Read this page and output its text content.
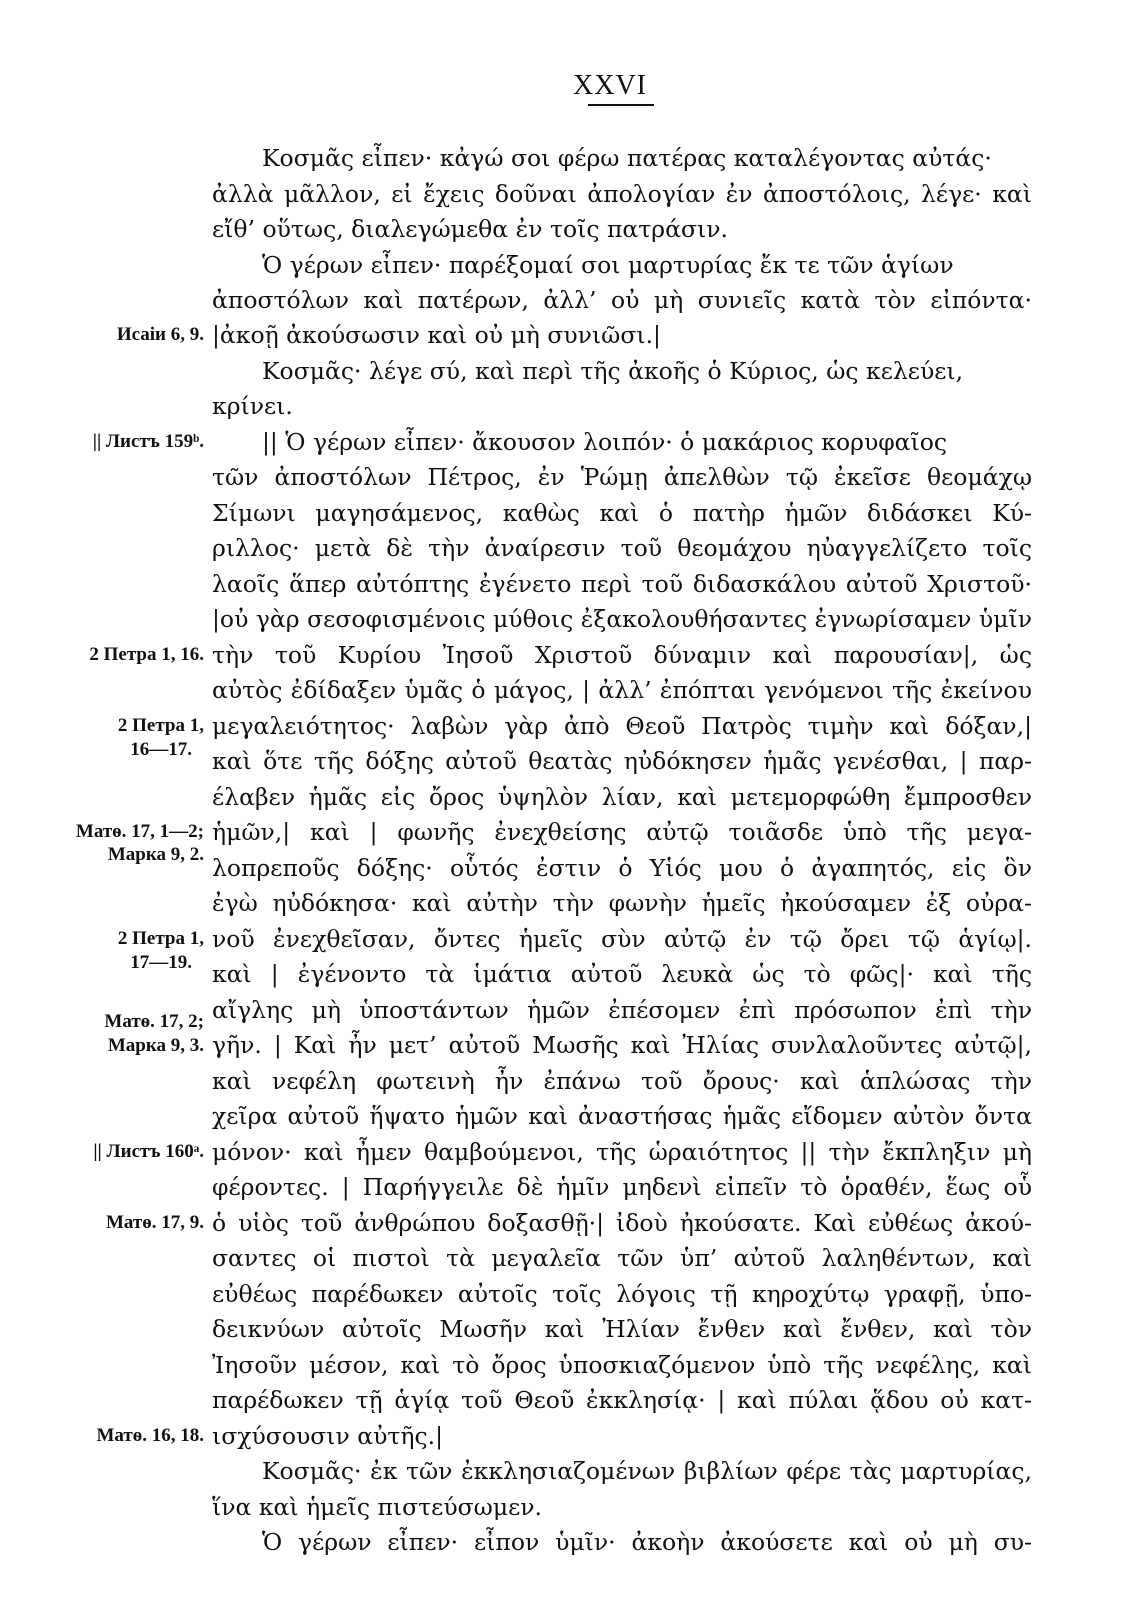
XXVI
Κοσμᾶς εἶπεν· κἀγώ σοι φέρω πατέρας καταλέγοντας αὐτάς·
ἀλλὰ μᾶλλον, εἰ ἔχεις δοῦναι ἀπολογίαν ἐν ἀποστόλοις, λέγε· καὶ
εἴθ’ οὕτως, διαλεγώμεθα ἐν τοῖς πατράσιν.
Ὁ γέρων εἶπεν· παρέξομαί σοι μαρτυρίας ἔκ τε τῶν ἁγίων
ἀποστόλων καὶ πατέρων, ἀλλ’ οὐ μὴ συνιεῖς κατὰ τὸν εἰπόντα·
|ἀκοῇ ἀκούσωσιν καὶ οὐ μὴ συνιῶσι.|
Κοσμᾶς· λέγε σύ, καὶ περὶ τῆς ἀκοῆς ὁ Κύριος, ὡς κελεύει,
κρίνει.
|| Ὁ γέρων εἶπεν· ἄκουσον λοιπόν· ὁ μακάριος κορυφαῖος
τῶν ἀποστόλων Πέτρος, ἐν Ῥώμῃ ἀπελθὼν τῷ ἐκεῖσε θεομάχῳ
Σίμωνι μαγησάμενος, καθὼς καὶ ὁ πατὴρ ἡμῶν διδάσκει Κύ-
ριλλος· μετὰ δὲ τὴν ἀναίρεσιν τοῦ θεομάχου ηὐαγγελίζετο τοῖς
λαοῖς ἅπερ αὐτόπτης ἐγένετο περὶ τοῦ διδασκάλου αὐτοῦ Χριστοῦ·
|οὐ γὰρ σεσοφισμένοις μύθοις ἐξακολουθήσαντες ἐγνωρίσαμεν ὑμῖν
τὴν τοῦ Κυρίου Ἰησοῦ Χριστοῦ δύναμιν καὶ παρουσίαν|, ὡς
αὐτὸς ἐδίδαξεν ὑμᾶς ὁ μάγος, | ἀλλ’ ἐπόπται γενόμενοι τῆς ἐκείνου
μεγαλειότητος· λαβὼν γὰρ ἀπὸ Θεοῦ Πατρὸς τιμὴν καὶ δόξαν,|
καὶ ὅτε τῆς δόξης αὐτοῦ θεατὰς ηὐδόκησεν ἡμᾶς γενέσθαι, | παρ-
έλαβεν ἡμᾶς εἰς ὄρος ὑψηλὸν λίαν, καὶ μετεμορφώθη ἔμπροσθεν
ἡμῶν,| καὶ | φωνῆς ἐνεχθείσης αὐτῷ τοιᾶσδε ὑπὸ τῆς μεγα-
λοπρεποῦς δόξης· οὗτός ἐστιν ὁ Υἱός μου ὁ ἀγαπητός, εἰς ὃν
ἐγὼ ηὐδόκησα· καὶ αὐτὴν τὴν φωνὴν ἡμεῖς ἠκούσαμεν ἐξ οὐρα-
νοῦ ἐνεχθεῖσαν, ὄντες ἡμεῖς σὺν αὐτῷ ἐν τῷ ὄρει τῷ ἁγίῳ|.
καὶ | ἐγένοντο τὰ ἱμάτια αὐτοῦ λευκὰ ὡς τὸ φῶς|· καὶ τῆς
αἴγλης μὴ ὑποστάντων ἡμῶν ἐπέσομεν ἐπὶ πρόσωπον ἐπὶ τὴν
γῆν. | Καὶ ἦν μετ’ αὐτοῦ Μωσῆς καὶ Ἠλίας συνλαλοῦντες αὐτῷ|,
καὶ νεφέλη φωτεινὴ ἦν ἐπάνω τοῦ ὄρους· καὶ ἁπλώσας τὴν
χεῖρα αὐτοῦ ἥψατο ἡμῶν καὶ ἀναστήσας ἡμᾶς εἴδομεν αὐτὸν ὄντα
μόνον· καὶ ἦμεν θαμβούμενοι, τῆς ὡραιότητος || τὴν ἔκπληξιν μὴ
φέροντες. | Παρήγγειλε δὲ ἡμῖν μηδενὶ εἰπεῖν τὸ ὁραθέν, ἕως οὗ
ὁ υἱὸς τοῦ ἀνθρώπου δοξασθῇ·| ἰδοὺ ἠκούσατε. Καὶ εὐθέως ἀκού-
σαντες οἱ πιστοὶ τὰ μεγαλεῖα τῶν ὑπ’ αὐτοῦ λαληθέντων, καὶ
εὐθέως παρέδωκεν αὐτοῖς τοῖς λόγοις τῇ κηροχύτῳ γραφῇ, ὑπο-
δεικνύων αὐτοῖς Μωσῆν καὶ Ἠλίαν ἔνθεν καὶ ἔνθεν, καὶ τὸν
Ἰησοῦν μέσον, καὶ τὸ ὄρος ὑποσκιαζόμενον ὑπὸ τῆς νεφέλης, καὶ
παρέδωκεν τῇ ἁγίᾳ τοῦ Θεοῦ ἐκκλησίᾳ· | καὶ πύλαι ᾅδου οὐ κατ-
ισχύσουσιν αὐτῆς.|
Κοσμᾶς· ἐκ τῶν ἐκκλησιαζομένων βιβλίων φέρε τὰς μαρτυρίας,
ἵνα καὶ ἡμεῖς πιστεύσωμεν.
Ὁ γέρων εἶπεν· εἶπον ὑμῖν· ἀκοὴν ἀκούσετε καὶ οὐ μὴ συ-
Исаіи 6, 9.
|| Листъ 159ᵇ.
2 Петра 1, 16.
2 Петра 1,
16—17.
Матѳ. 17, 1—2;
Марка 9, 2.
2 Петра 1,
17—19.
Матѳ. 17, 2;
Марка 9, 3.
|| Листъ 160ᵃ.
Матѳ. 17, 9.
Матѳ. 16, 18.
